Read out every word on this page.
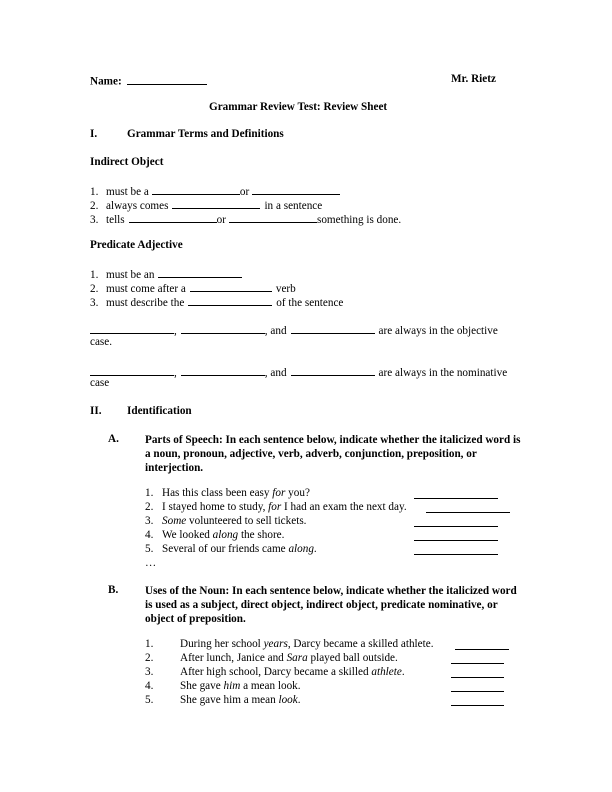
Name:	Mr. Rietz
Grammar Review Test: Review Sheet
I.	Grammar Terms and Definitions
Indirect Object
1. must be a	or
2. always comes	in a sentence
3. tells	or	something is done.
Predicate Adjective
1. must be an
2. must come after a	verb
3. must describe the	of the sentence
,	, and	are always in the objective
case.
,	, and	are always in the nominative
case
II. Identification
A. Parts of Speech: In each sentence below, indicate whether the italicized word is a noun, pronoun, adjective, verb, adverb, conjunction, preposition, or interjection.
1. Has this class been easy for you?
2. I stayed home to study, for I had an exam the next day.
3. Some volunteered to sell tickets.
4. We looked along the shore.
5. Several of our friends came along.
…
B. Uses of the Noun: In each sentence below, indicate whether the italicized word is used as a subject, direct object, indirect object, predicate nominative, or object of preposition.
1. During her school years, Darcy became a skilled athlete.
2. After lunch, Janice and Sara played ball outside.
3. After high school, Darcy became a skilled athlete.
4. She gave him a mean look.
5. She gave him a mean look.
